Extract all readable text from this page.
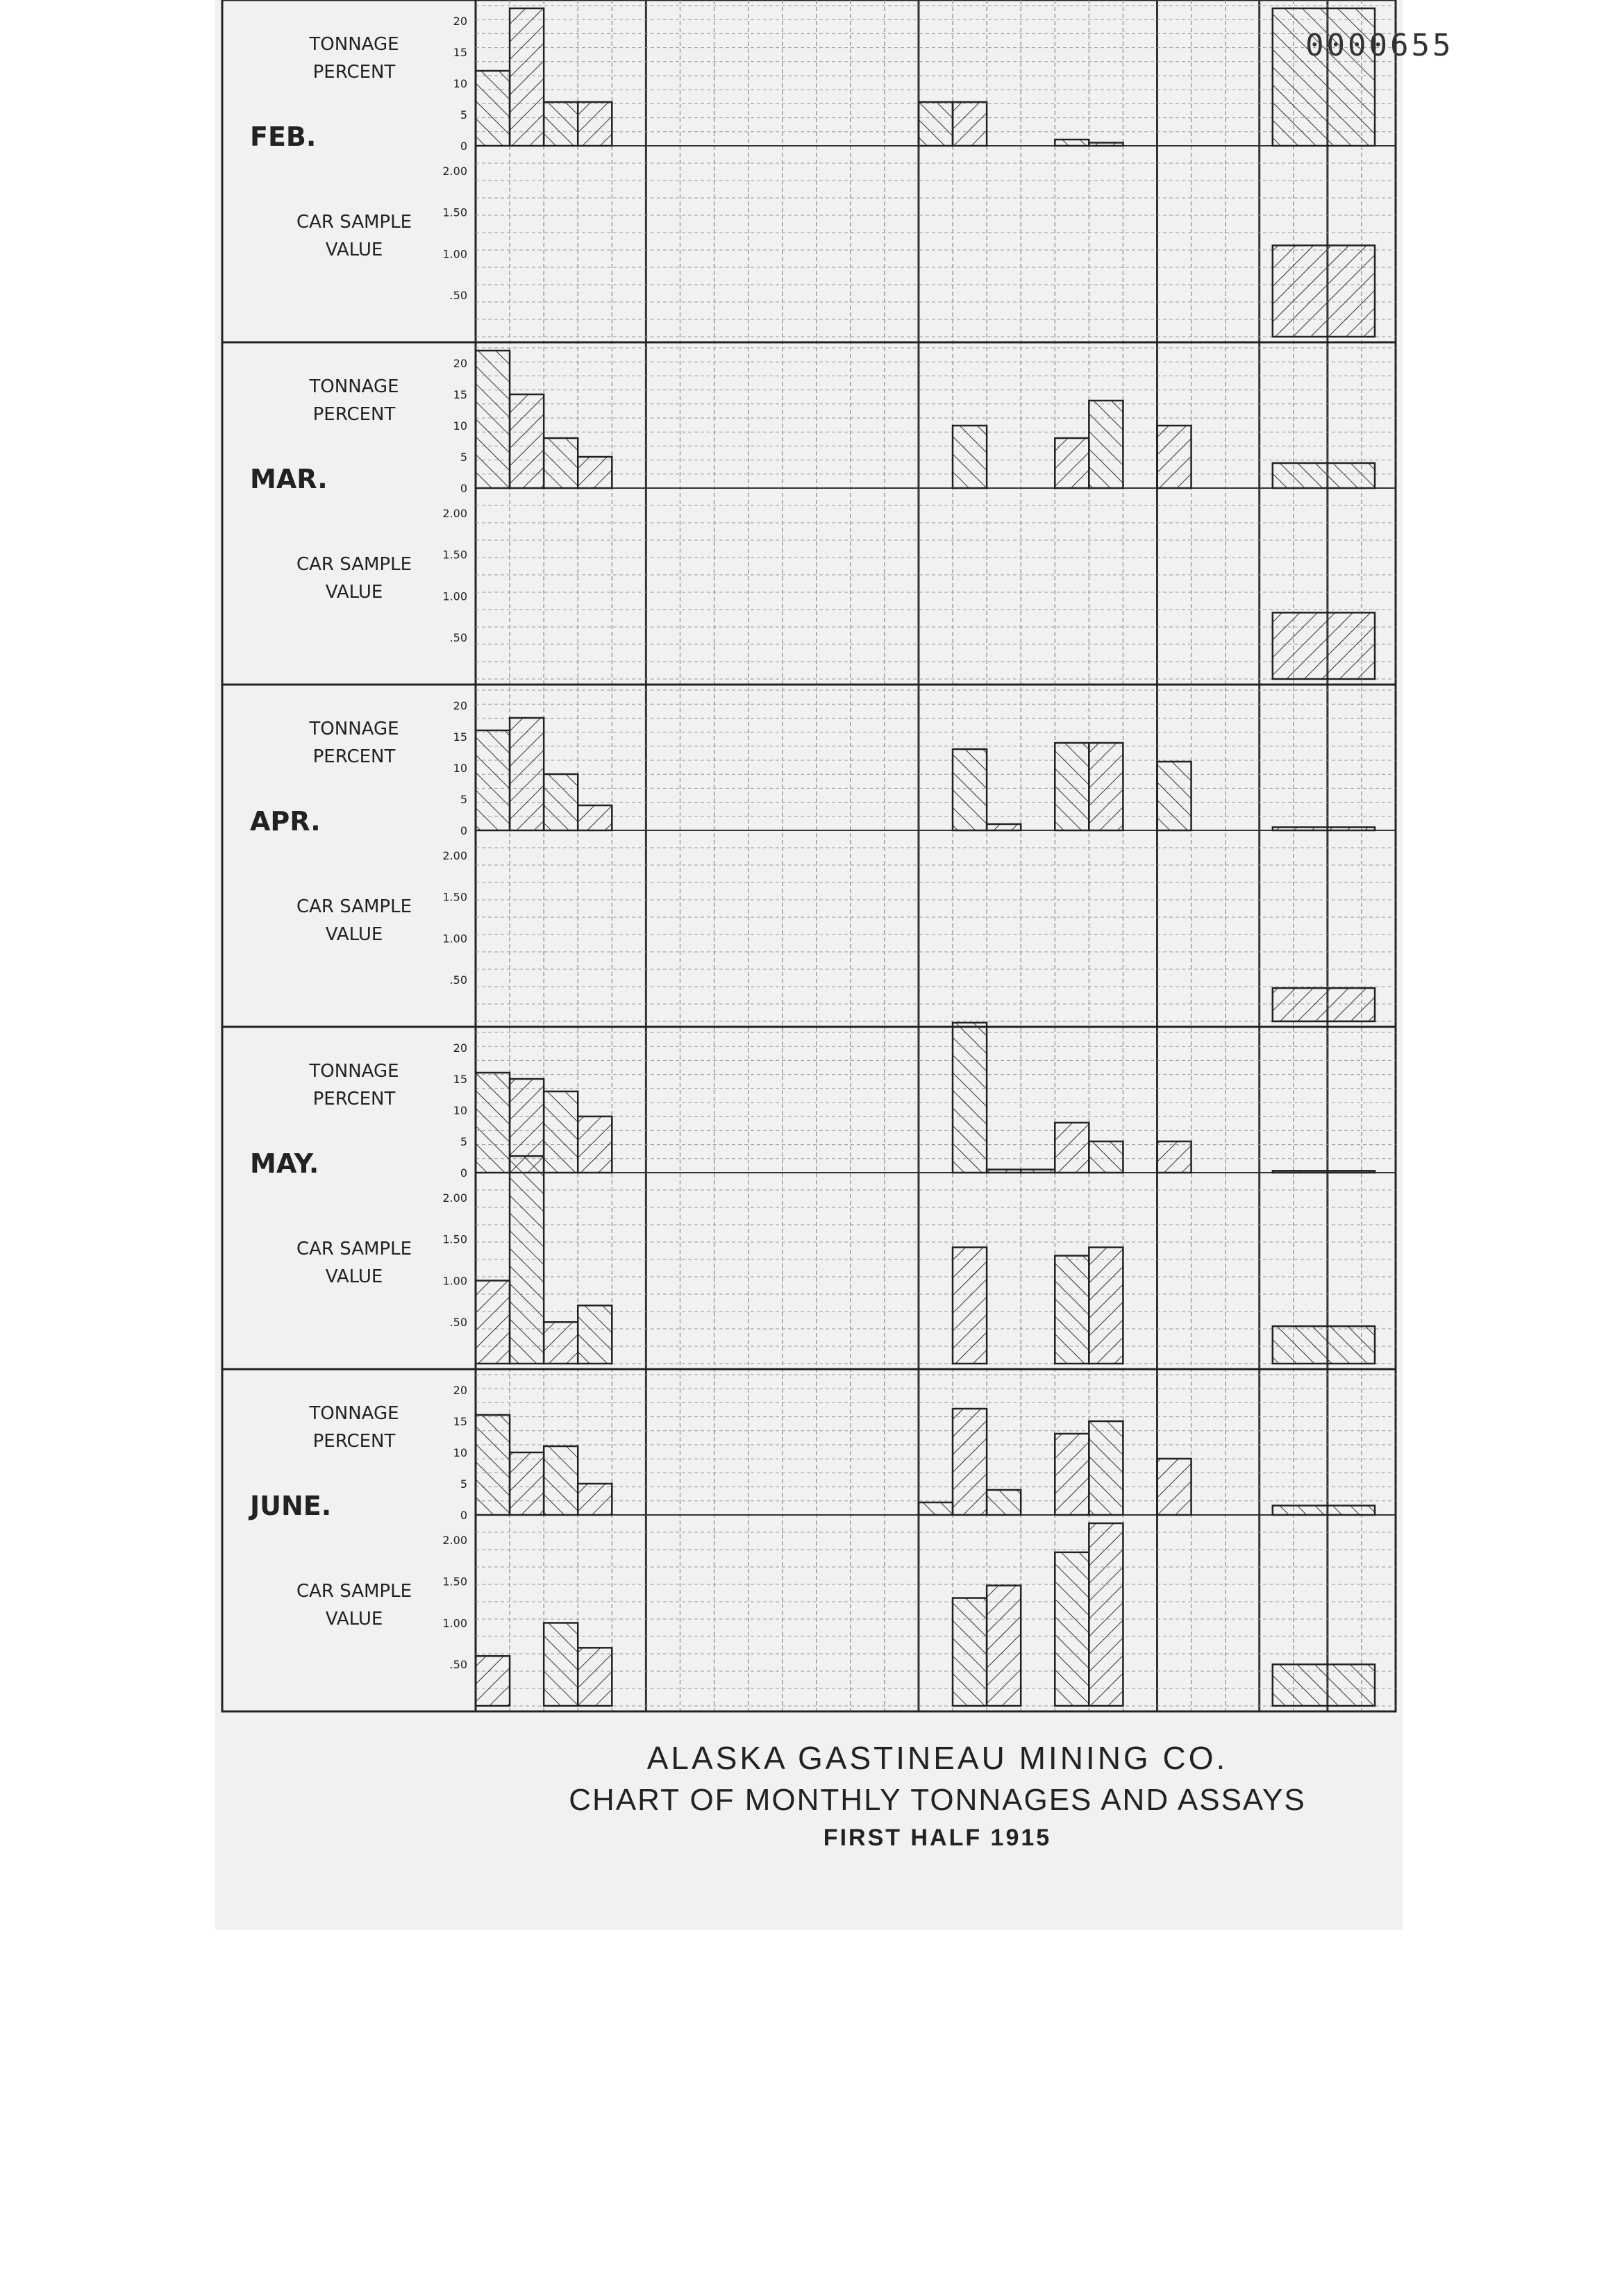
20
15
10
5
0
2.00
1.50
1.00
.50
TONNAGE
PERCENT
CAR SAMPLE
VALUE
FEB.
20
15
10
5
0
2.00
1.50
1.00
.50
TONNAGE
PERCENT
CAR SAMPLE
VALUE
MAR.
20
15
10
5
0
2.00
1.50
1.00
.50
TONNAGE
PERCENT
CAR SAMPLE
VALUE
APR.
20
15
10
5
0
2.00
1.50
1.00
.50
TONNAGE
PERCENT
CAR SAMPLE
VALUE
MAY.
20
15
10
5
0
2.00
1.50
1.00
.50
TONNAGE
PERCENT
CAR SAMPLE
VALUE
JUNE.
0000655
ALASKA GASTINEAU MINING CO.
CHART OF MONTHLY TONNAGES AND ASSAYS
FIRST HALF 1915
